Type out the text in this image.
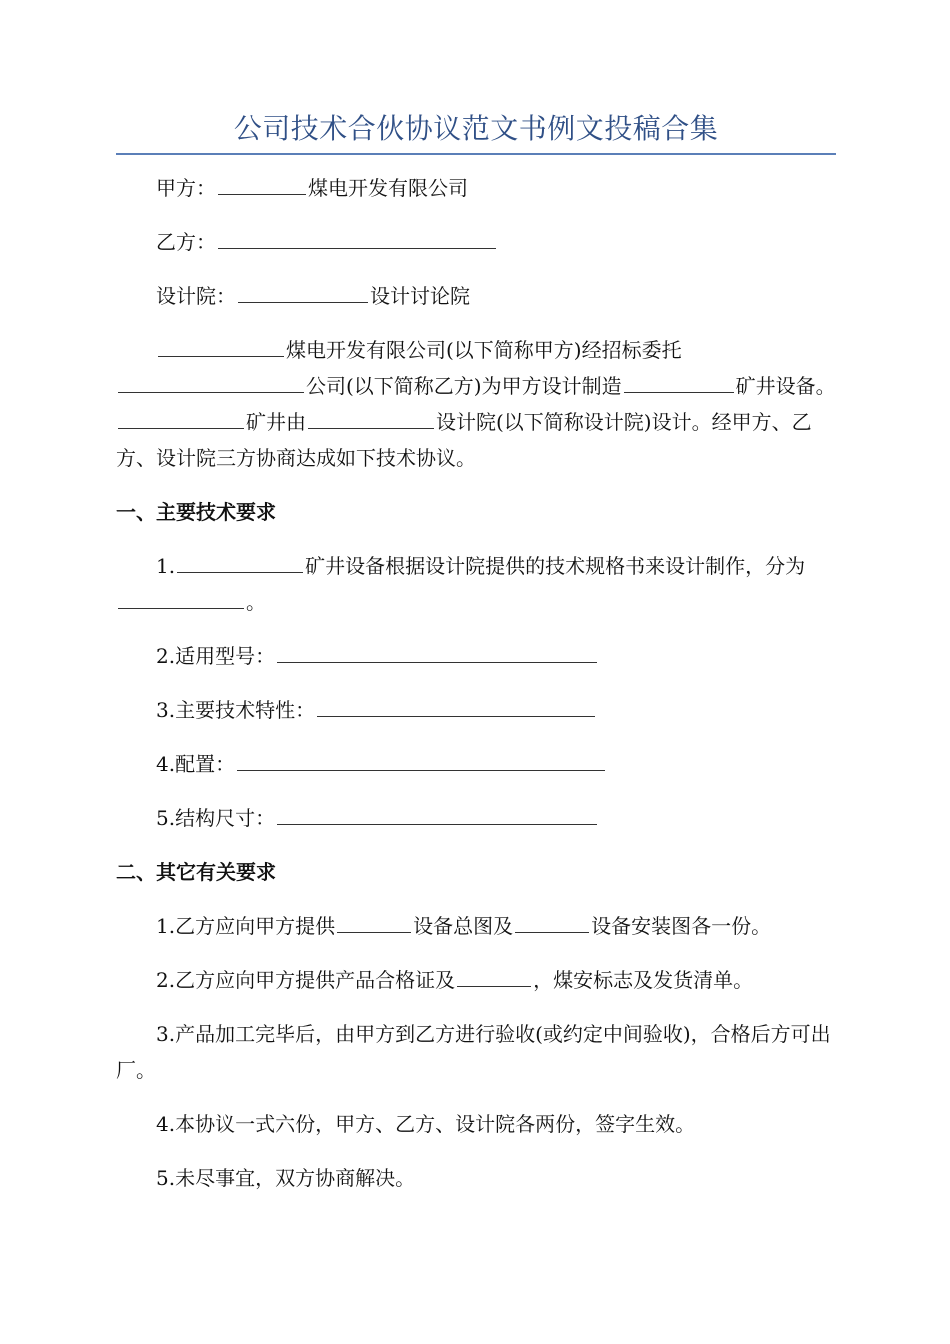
公司技术合伙协议范文书例文投稿合集

甲方：	煤电开发有限公司

乙方：

设计院：	设计讨论院

煤电开发有限公司(以下简称甲方)经招标委托公司(以下简称乙方)为甲方设计制造	矿井设备。矿井由	设计院(以下简称设计院)设计。经甲方、乙方、设计院三方协商达成如下技术协议。

一、主要技术要求

1.	矿井设备根据设计院提供的技术规格书来设计制作，分为。

2.适用型号：

3.主要技术特性：

4.配置：

5.结构尺寸：

二、其它有关要求

1.乙方应向甲方提供	设备总图及	设备安装图各一份。

2.乙方应向甲方提供产品合格证及	，煤安标志及发货清单。

3.产品加工完毕后，由甲方到乙方进行验收(或约定中间验收)，合格后方可出厂。

4.本协议一式六份，甲方、乙方、设计院各两份，签字生效。

5.未尽事宜，双方协商解决。
